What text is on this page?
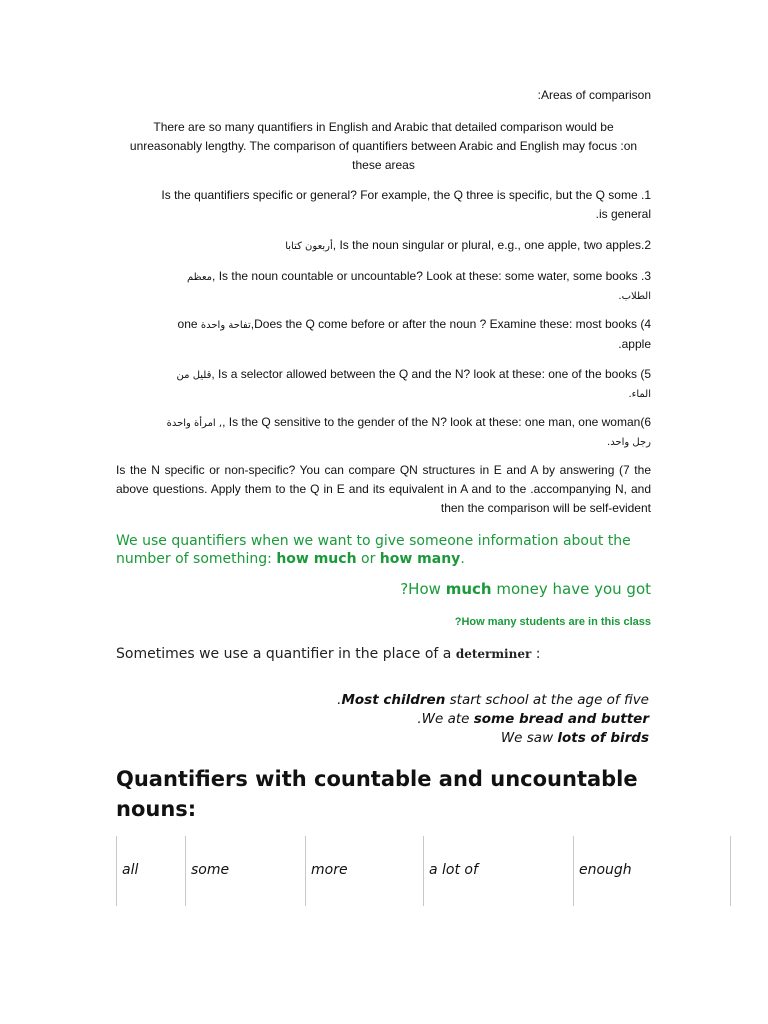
:Areas of comparison
There are so many quantifiers in English and Arabic that detailed comparison would be unreasonably lengthy. The comparison of quantifiers between Arabic and English may focus :on these areas
Is the quantifiers specific or general? For example, the Q three is specific, but the Q some .1
.is general
أربعون كتابا, Is the noun singular or plural, e.g., one apple, two apples.2
معظم, Is the noun countable or uncountable? Look at these: some water, some books .3
.الطلاب
one تفاحة واحدة,Does the Q come before or after the noun ? Examine these: most books (4
.apple
قليل من, Is a selector allowed between the Q and the N? look at these: one of the books (5
.الماء
امرأة واحدة ,, Is the Q sensitive to the gender of the N? look at these: one man, one woman(6
.رجل واحد
Is the N specific or non-specific? You can compare QN structures in E and A by answering (7 the above questions. Apply them to the Q in E and its equivalent in A and to the .accompanying N, and then the comparison will be self-evident
We use quantifiers when we want to give someone information about the number of something: how much or how many.
?How much money have you got
?How many students are in this class
Sometimes we use a quantifier in the place of a determiner :
.Most children start school at the age of five
.We ate some bread and butter
We saw lots of birds
Quantifiers with countable and uncountable nouns:
all	some	more	a lot of	enough
